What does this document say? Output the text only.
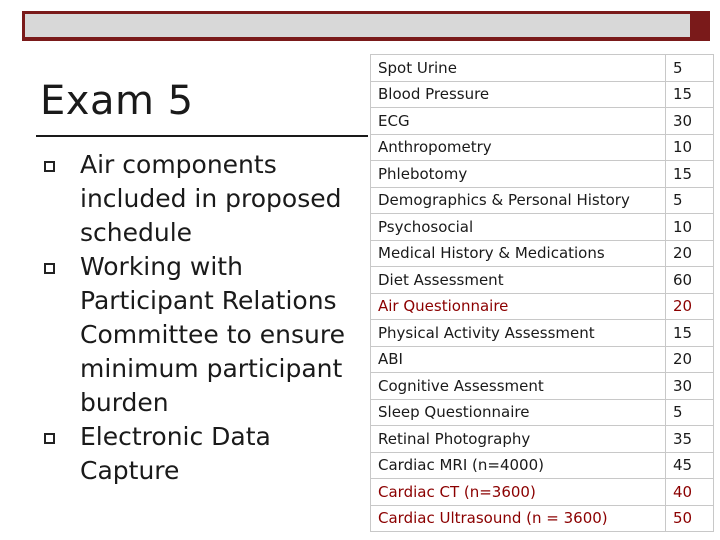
Exam 5
Air components included in proposed schedule
Working with Participant Relations Committee to ensure minimum participant burden
Electronic Data Capture
Spot Urine	5
Blood Pressure	15
ECG	30
Anthropometry	10
Phlebotomy	15
Demographics & Personal History	5
Psychosocial	10
Medical History & Medications	20
Diet Assessment	60
Air Questionnaire	20
Physical Activity Assessment	15
ABI	20
Cognitive Assessment	30
Sleep Questionnaire	5
Retinal Photography	35
Cardiac MRI (n=4000)	45
Cardiac CT (n=3600)	40
Cardiac Ultrasound (n = 3600)	50
